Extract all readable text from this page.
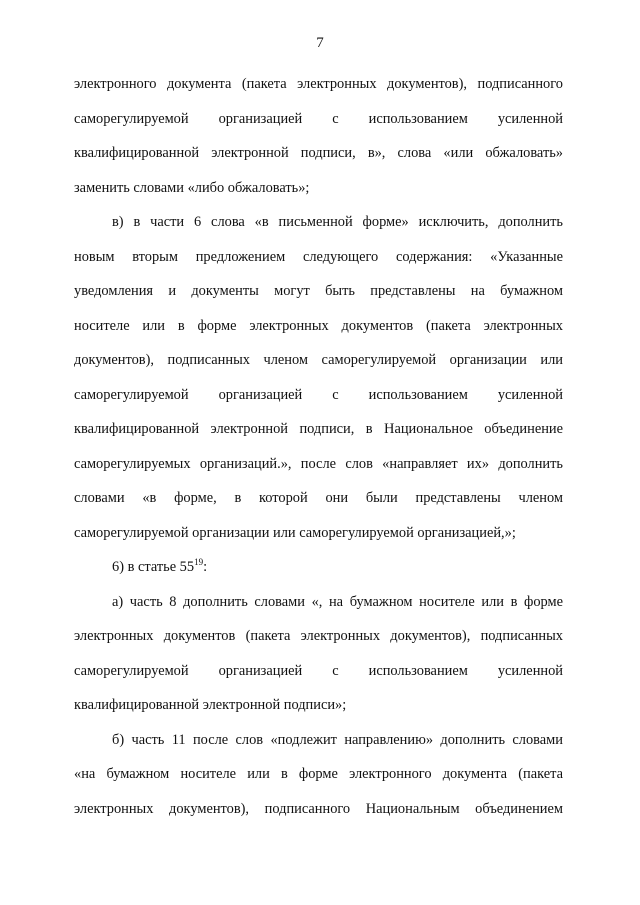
7
электронного документа (пакета электронных документов), подписанного
саморегулируемой организацией с использованием усиленной
квалифицированной электронной подписи, в», слова «или обжаловать»
заменить словами «либо обжаловать»;
в) в части 6 слова «в письменной форме» исключить, дополнить
новым вторым предложением следующего содержания: «Указанные
уведомления и документы могут быть представлены на бумажном
носителе или в форме электронных документов (пакета электронных
документов), подписанных членом саморегулируемой организации или
саморегулируемой организацией с использованием усиленной
квалифицированной электронной подписи, в Национальное объединение
саморегулируемых организаций.», после слов «направляет их» дополнить
словами «в форме, в которой они были представлены членом
саморегулируемой организации или саморегулируемой организацией,»;
6) в статье $55^{19}$:
а) часть 8 дополнить словами «, на бумажном носителе или в форме
электронных документов (пакета электронных документов), подписанных
саморегулируемой организацией с использованием усиленной
квалифицированной электронной подписи»;
б) часть 11 после слов «подлежит направлению» дополнить словами
«на бумажном носителе или в форме электронного документа (пакета
электронных документов), подписанного Национальным объединением
